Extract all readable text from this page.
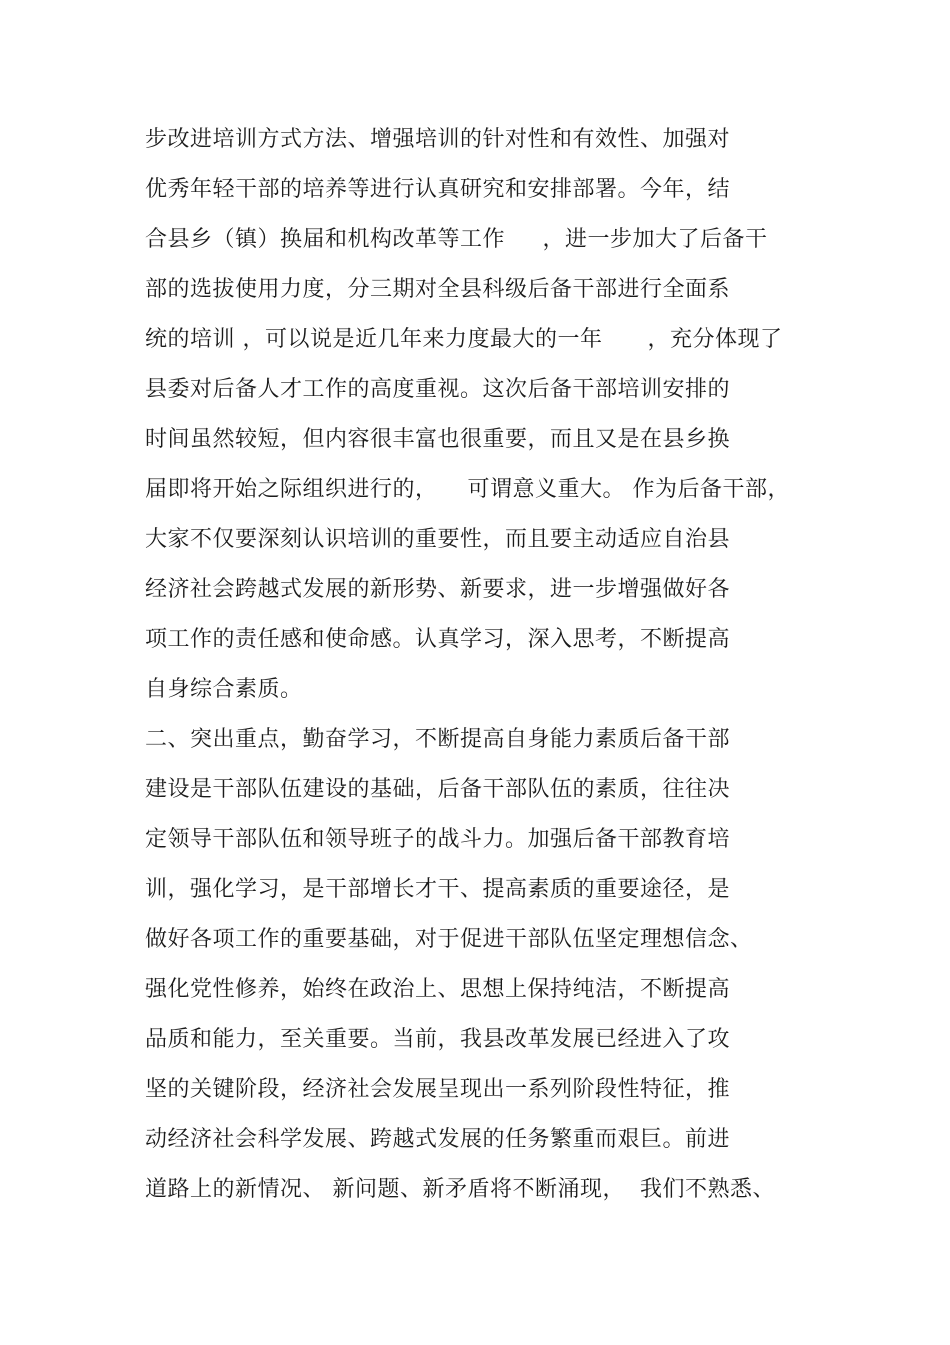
步改进培训方式方法、增强培训的针对性和有效性、加强对
优秀年轻干部的培养等进行认真研究和安排部署。今年，结
合县乡（镇）换届和机构改革等工作     ，进一步加大了后备干
部的选拔使用力度，分三期对全县科级后备干部进行全面系
统的培训 ，可以说是近几年来力度最大的一年      ，充分体现了
县委对后备人才工作的高度重视。这次后备干部培训安排的
时间虽然较短，但内容很丰富也很重要，而且又是在县乡换
届即将开始之际组织进行的，    可谓意义重大。 作为后备干部，
大家不仅要深刻认识培训的重要性，而且要主动适应自治县
经济社会跨越式发展的新形势、新要求，进一步增强做好各
项工作的责任感和使命感。认真学习，深入思考，不断提高
自身综合素质。
二、突出重点，勤奋学习，不断提高自身能力素质后备干部
建设是干部队伍建设的基础，后备干部队伍的素质，往往决
定领导干部队伍和领导班子的战斗力。加强后备干部教育培
训，强化学习，是干部增长才干、提高素质的重要途径，是
做好各项工作的重要基础，对于促进干部队伍坚定理想信念、
强化党性修养，始终在政治上、思想上保持纯洁，不断提高
品质和能力，至关重要。当前，我县改革发展已经进入了攻
坚的关键阶段，经济社会发展呈现出一系列阶段性特征，推
动经济社会科学发展、跨越式发展的任务繁重而艰巨。前进
道路上的新情况、 新问题、新矛盾将不断涌现，  我们不熟悉、
